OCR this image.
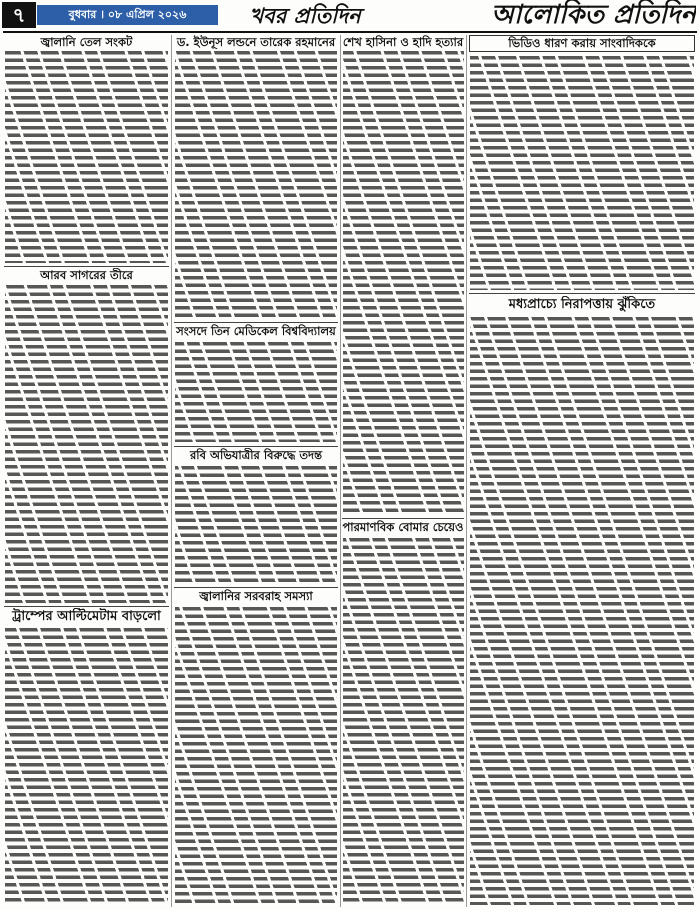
৭	বুধবার । ০৮ এপ্রিল ২০২৬	খবর প্রতিদিন	আলোকিত প্রতিদিন
জ্বালানি তেল সংকট
আরব সাগরের তীরে
ট্রাম্পের আল্টিমেটাম বাড়লো
ড. ইউনূস লন্ডনে তারেক রহমানের
সংসদে তিন মেডিকেল বিশ্ববিদ্যালয়
রবি অভিযাত্রীর বিরুদ্ধে তদন্ত
জ্বালানির সরবরাহ সমস্যা
শেখ হাসিনা ও হাদি হত্যার
পারমাণবিক বোমার চেয়েও
ভিডিও ধারণ করায় সাংবাদিককে
মধ্যপ্রাচ্যে নিরাপত্তায় ঝুঁকিতে
